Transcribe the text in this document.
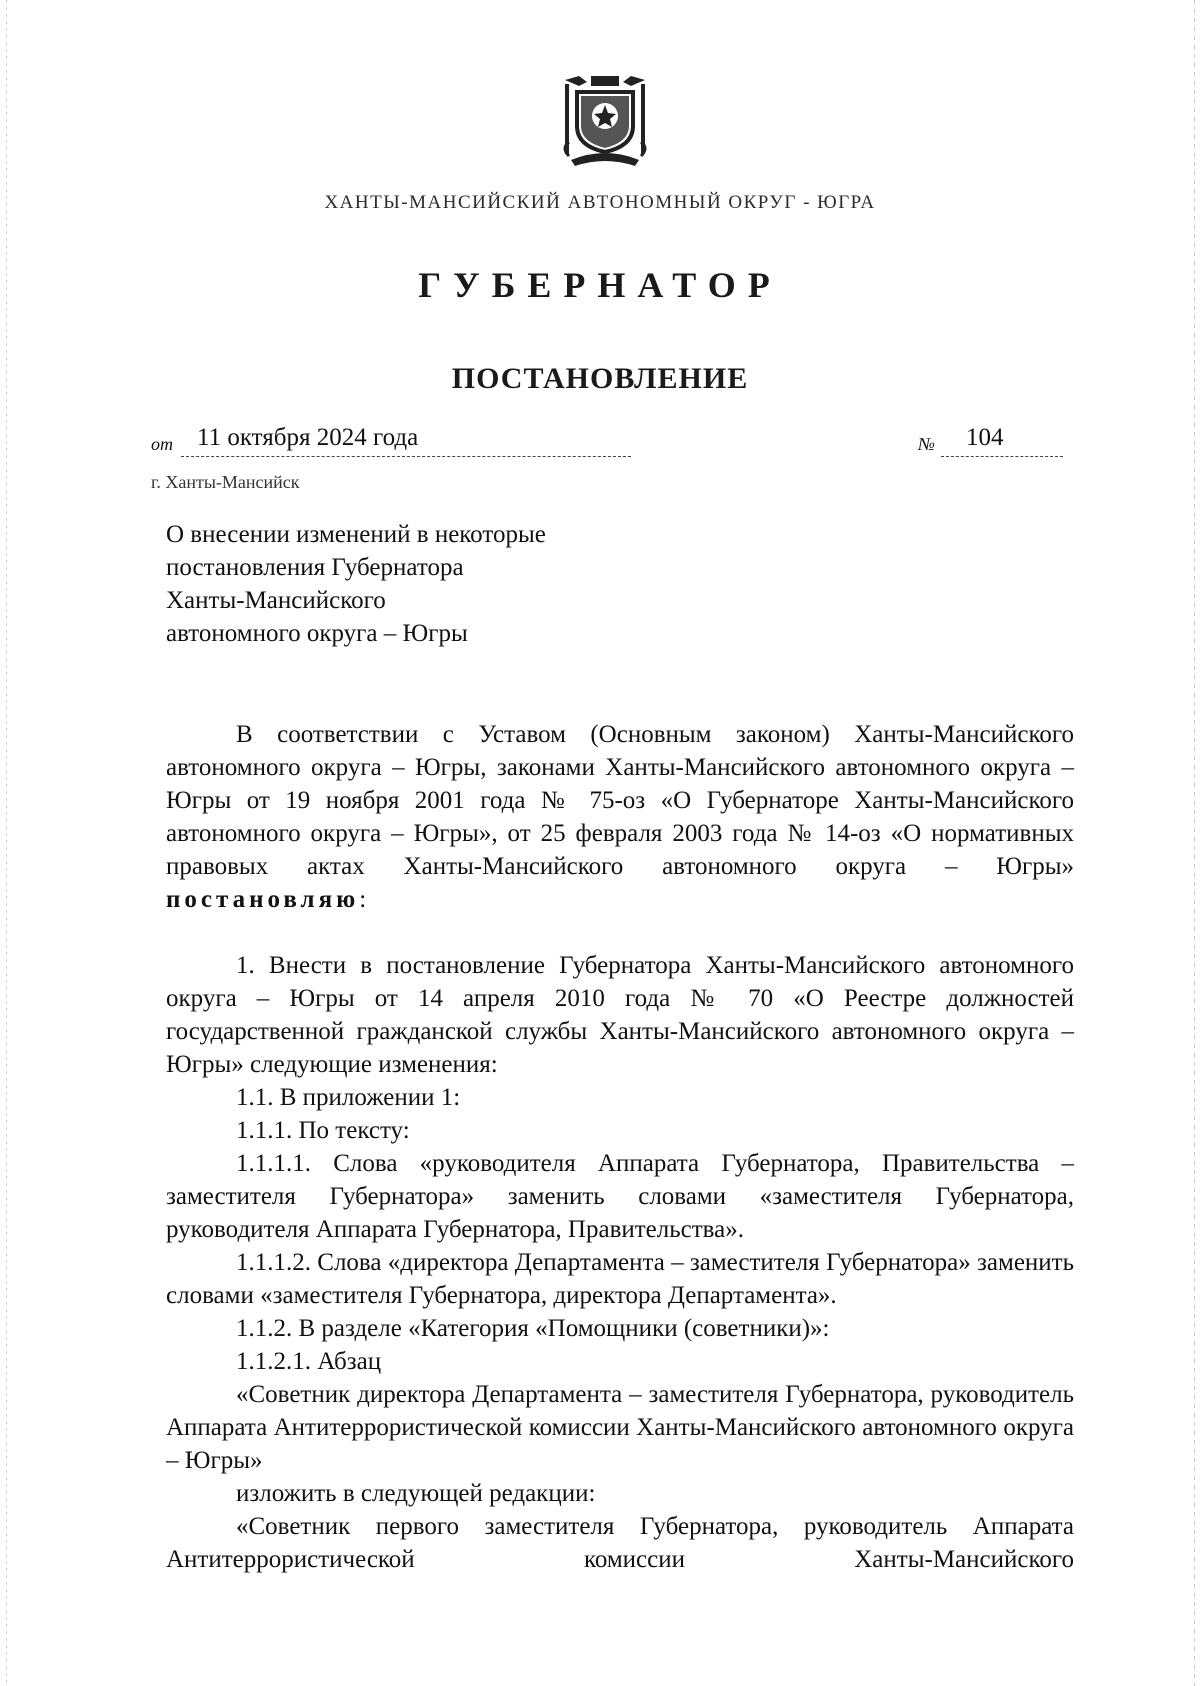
ХАНТЫ-МАНСИЙСКИЙ АВТОНОМНЫЙ ОКРУГ - ЮГРА
ГУБЕРНАТОР
ПОСТАНОВЛЕНИЕ
от 11 октября 2024 года	№ 104
г. Ханты-Мансийск
О внесении изменений в некоторые
постановления Губернатора
Ханты-Мансийского
автономного округа – Югры

В соответствии с Уставом (Основным законом) Ханты-Мансийского автономного округа – Югры, законами Ханты-Мансийского автономного округа – Югры от 19 ноября 2001 года № 75-оз «О Губернаторе Ханты-Мансийского автономного округа – Югры», от 25 февраля 2003 года № 14-оз «О нормативных правовых актах Ханты-Мансийского автономного округа – Югры» постановляю:

1. Внести в постановление Губернатора Ханты-Мансийского автономного округа – Югры от 14 апреля 2010 года № 70 «О Реестре должностей государственной гражданской службы Ханты-Мансийского автономного округа – Югры» следующие изменения:

1.1. В приложении 1:

1.1.1. По тексту:

1.1.1.1. Слова «руководителя Аппарата Губернатора, Правительства – заместителя Губернатора» заменить словами «заместителя Губернатора, руководителя Аппарата Губернатора, Правительства».

1.1.1.2. Слова «директора Департамента – заместителя Губернатора» заменить словами «заместителя Губернатора, директора Департамента».

1.1.2. В разделе «Категория «Помощники (советники)»:

1.1.2.1. Абзац

«Советник директора Департамента – заместителя Губернатора, руководитель Аппарата Антитеррористической комиссии Ханты-Мансийского автономного округа – Югры»

изложить в следующей редакции:

«Советник первого заместителя Губернатора, руководитель Аппарата Антитеррористической комиссии Ханты-Мансийского
